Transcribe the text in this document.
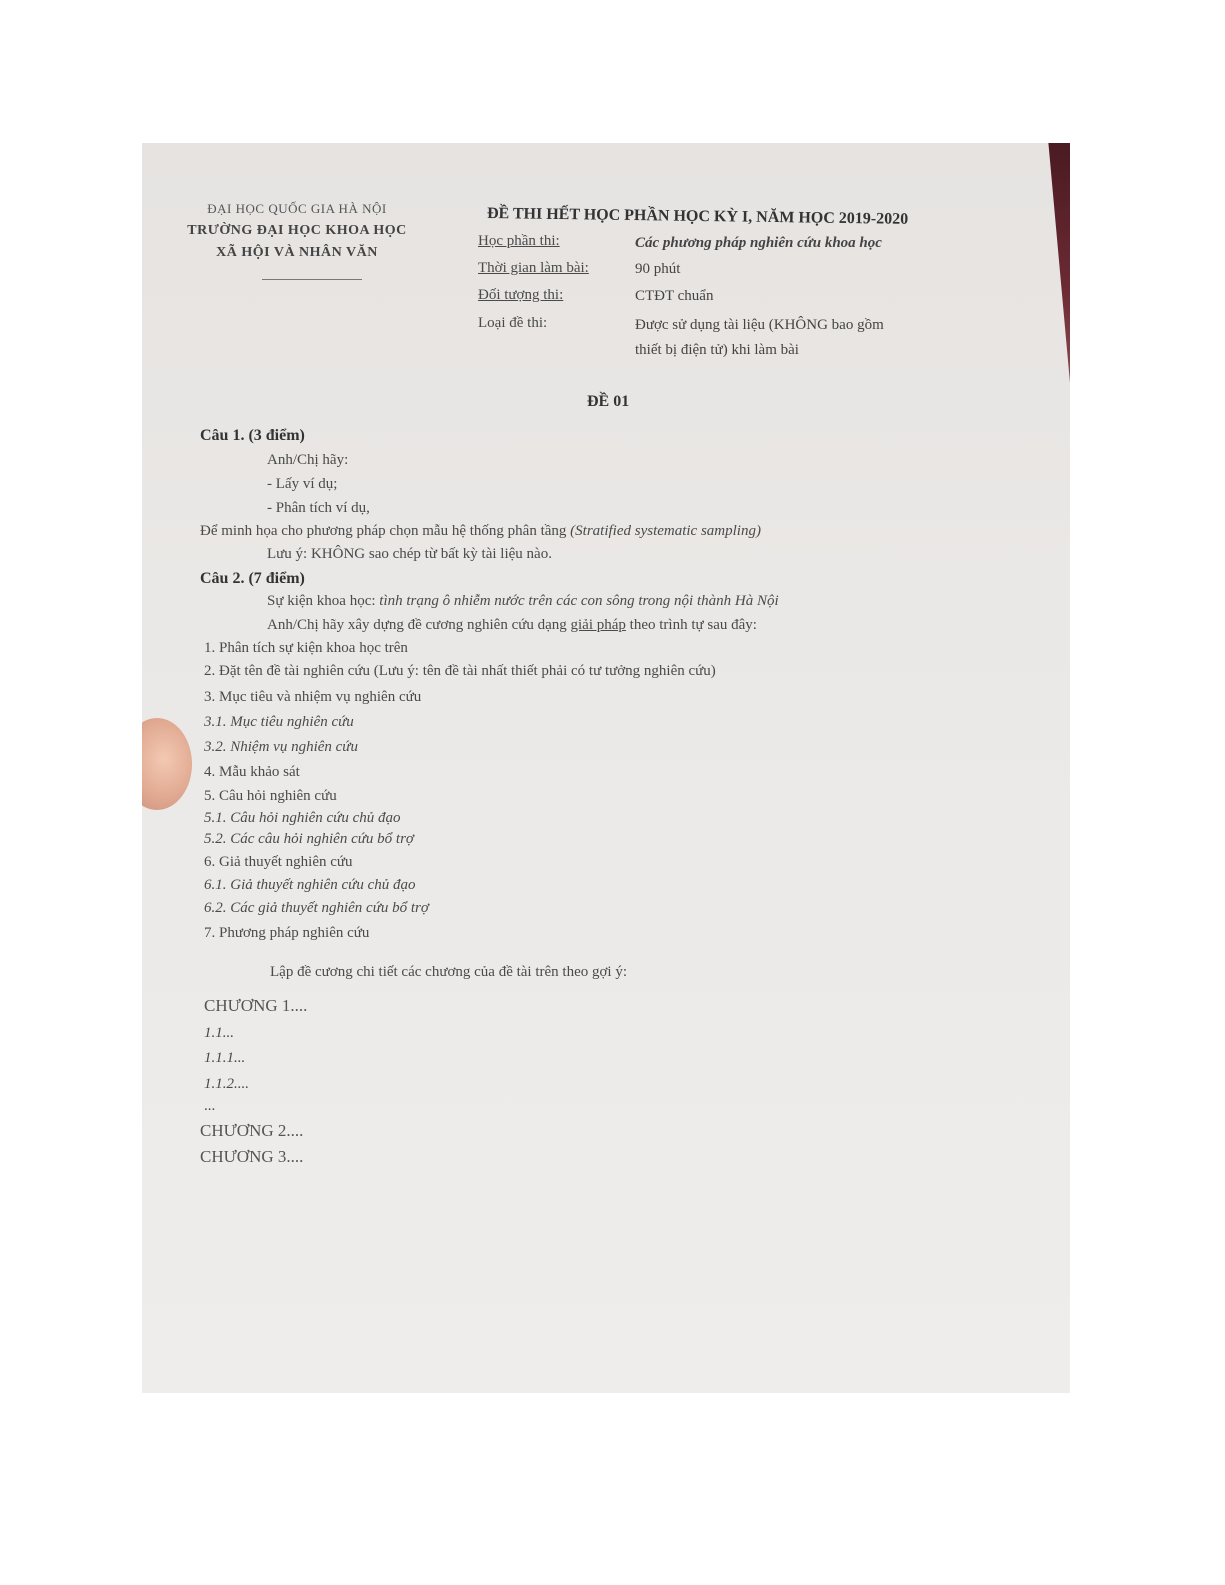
ĐẠI HỌC QUỐC GIA HÀ NỘI
TRƯỜNG ĐẠI HỌC KHOA HỌC
XÃ HỘI VÀ NHÂN VĂN
ĐỀ THI HẾT HỌC PHẦN HỌC KỲ I, NĂM HỌC 2019-2020
Học phần thi:	Các phương pháp nghiên cứu khoa học
Thời gian làm bài:	90 phút
Đối tượng thi:	CTĐT chuẩn
Loại đề thi:	Được sử dụng tài liệu (KHÔNG bao gồm
thiết bị điện tử) khi làm bài
ĐỀ 01
Câu 1. (3 điểm)
Anh/Chị hãy:
- Lấy ví dụ;
- Phân tích ví dụ,
Để minh họa cho phương pháp chọn mẫu hệ thống phân tầng (Stratified systematic sampling)
Lưu ý: KHÔNG sao chép từ bất kỳ tài liệu nào.
Câu 2. (7 điểm)
Sự kiện khoa học: tình trạng ô nhiễm nước trên các con sông trong nội thành Hà Nội
Anh/Chị hãy xây dựng đề cương nghiên cứu dạng giải pháp theo trình tự sau đây:
1. Phân tích sự kiện khoa học trên
2. Đặt tên đề tài nghiên cứu (Lưu ý: tên đề tài nhất thiết phải có tư tưởng nghiên cứu)
3. Mục tiêu và nhiệm vụ nghiên cứu
3.1. Mục tiêu nghiên cứu
3.2. Nhiệm vụ nghiên cứu
4. Mẫu khảo sát
5. Câu hỏi nghiên cứu
5.1. Câu hỏi nghiên cứu chủ đạo
5.2. Các câu hỏi nghiên cứu bổ trợ
6. Giả thuyết nghiên cứu
6.1. Giả thuyết nghiên cứu chủ đạo
6.2. Các giả thuyết nghiên cứu bổ trợ
7. Phương pháp nghiên cứu
Lập đề cương chi tiết các chương của đề tài trên theo gợi ý:
CHƯƠNG 1....
1.1...
1.1.1...
1.1.2....
...
CHƯƠNG 2....
CHƯƠNG 3....
